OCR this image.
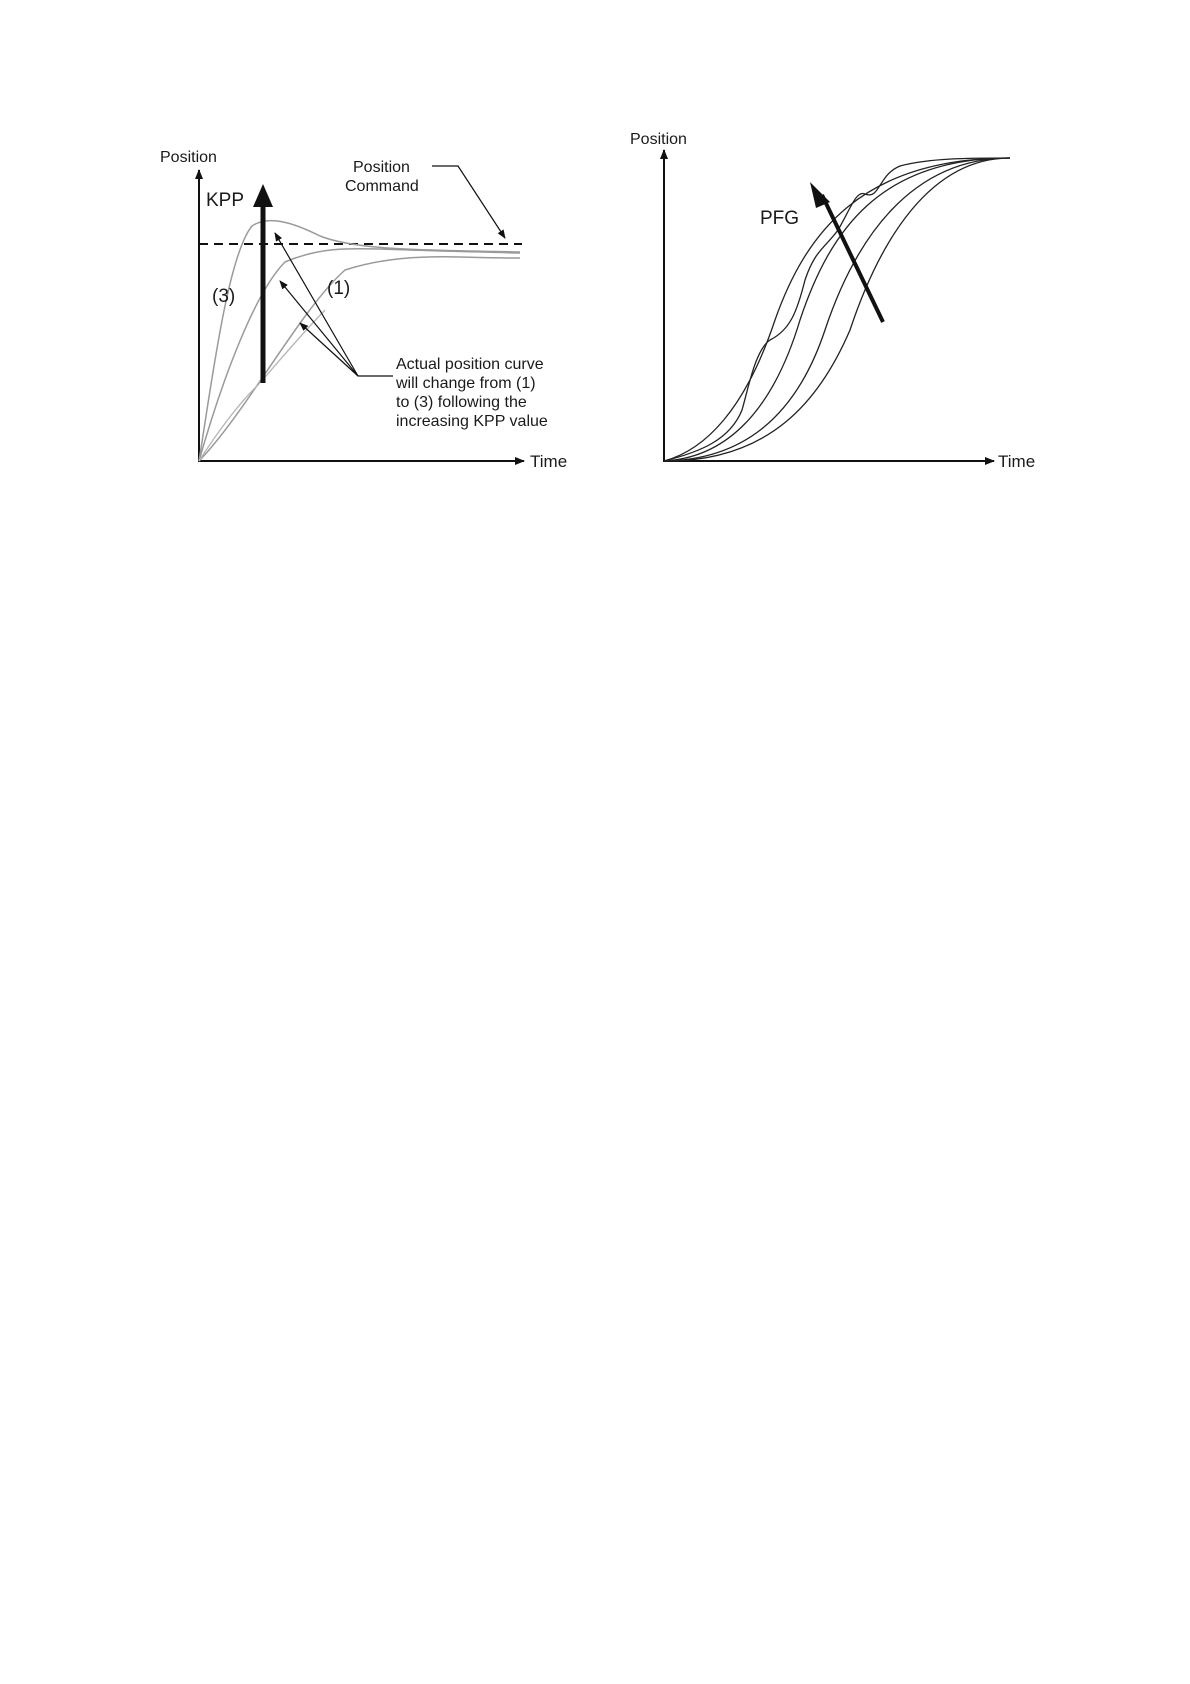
Position
Time
KPP
Position
Command
(3)	(1)
Actual position curve
will change from (1)
to (3) following the
increasing KPP value
Position
Time
PFG
